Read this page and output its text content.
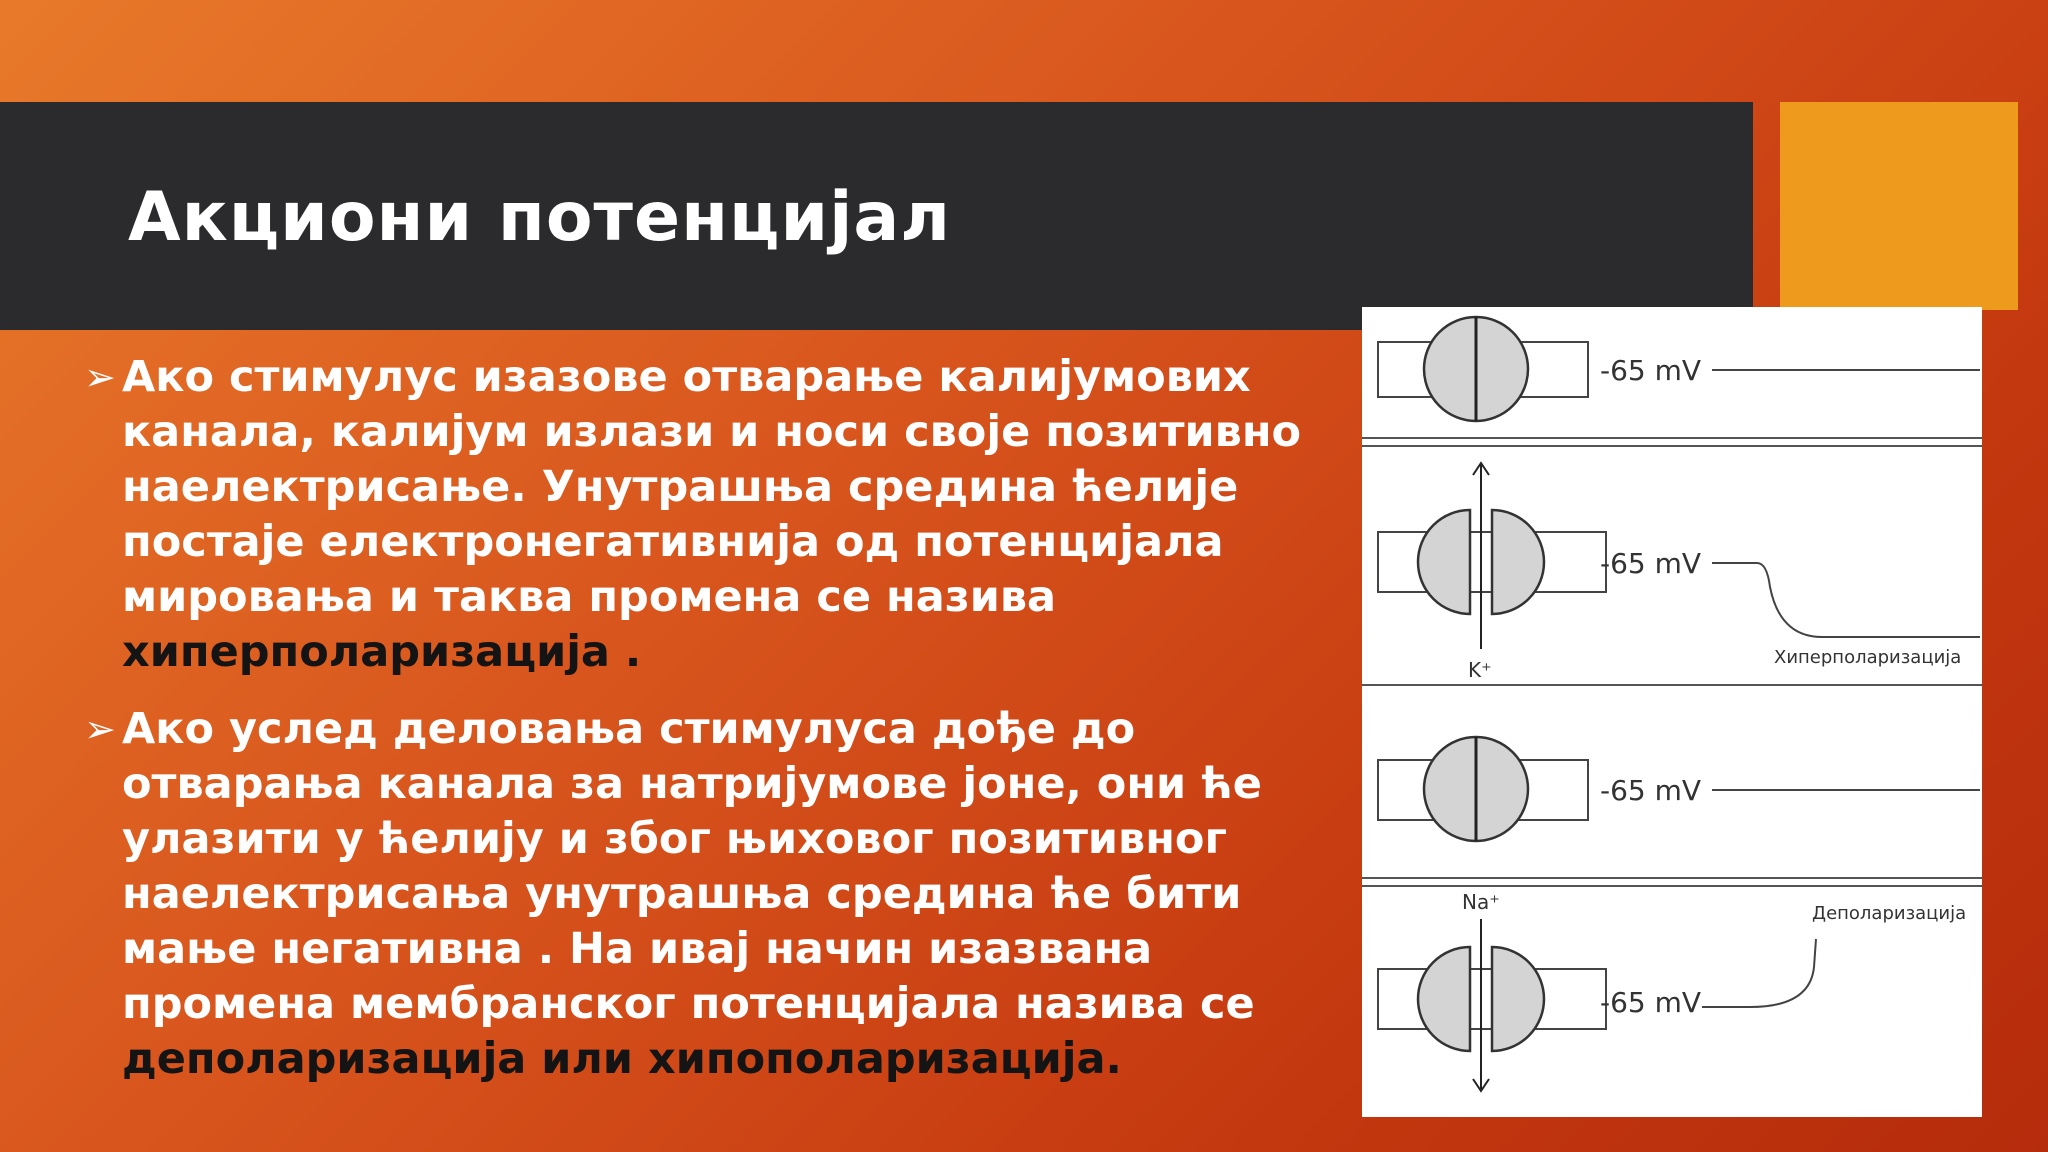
Акциони потенцијал
➢ Ако стимулус изазове отварање калијумових канала, калијум излази и носи своје позитивно наелектрисање. Унутрашња средина ћелије постаје електронегативнија од потенцијала мировања и таква промена се назива хиперполаризација .
➢ Ако услед деловања стимулуса дође до отварања канала за натријумове јоне, они ће улазити у ћелију и због њиховог позитивног наелектрисања унутрашња средина ће бити мање негативна . На ивај начин изазвана промена мембранског потенцијала назива се деполаризација или хипополаризација.
-65 mV
K⁺
-65 mV
Хиперполаризација
-65 mV
Na⁺
-65 mV
Деполаризација
